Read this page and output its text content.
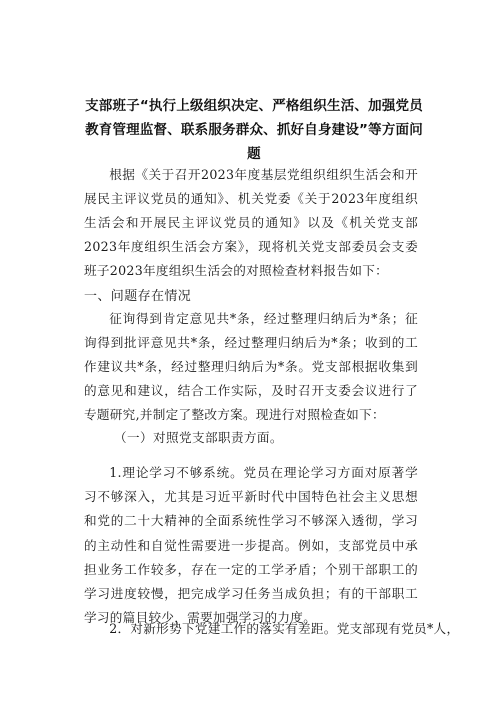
支部班子“执行上级组织决定、严格组织生活、加强党员教育管理监督、联系服务群众、抓好自身建设”等方面问题
根据《关于召开2023年度基层党组织组织生活会和开展民主评议党员的通知》、机关党委《关于2023年度组织生活会和开展民主评议党员的通知》以及《机关党支部2023年度组织生活会方案》，现将机关党支部委员会支委班子2023年度组织生活会的对照检查材料报告如下：
一、问题存在情况
征询得到肯定意见共*条，经过整理归纳后为*条；征询得到批评意见共*条，经过整理归纳后为*条；收到的工作建议共*条，经过整理归纳后为*条。党支部根据收集到的意见和建议，结合工作实际，及时召开支委会议进行了专题研究,并制定了整改方案。现进行对照检查如下：
（一）对照党支部职责方面。
1.理论学习不够系统。党员在理论学习方面对原著学习不够深入，尤其是习近平新时代中国特色社会主义思想和党的二十大精神的全面系统性学习不够深入透彻，学习的主动性和自觉性需要进一步提高。例如，支部党员中承担业务工作较多，存在一定的工学矛盾；个别干部职工的学习进度较慢，把完成学习任务当成负担；有的干部职工学习的篇目较少，需要加强学习的力度。
2．对新形势下党建工作的落实有差距。党支部现有党员*人，
